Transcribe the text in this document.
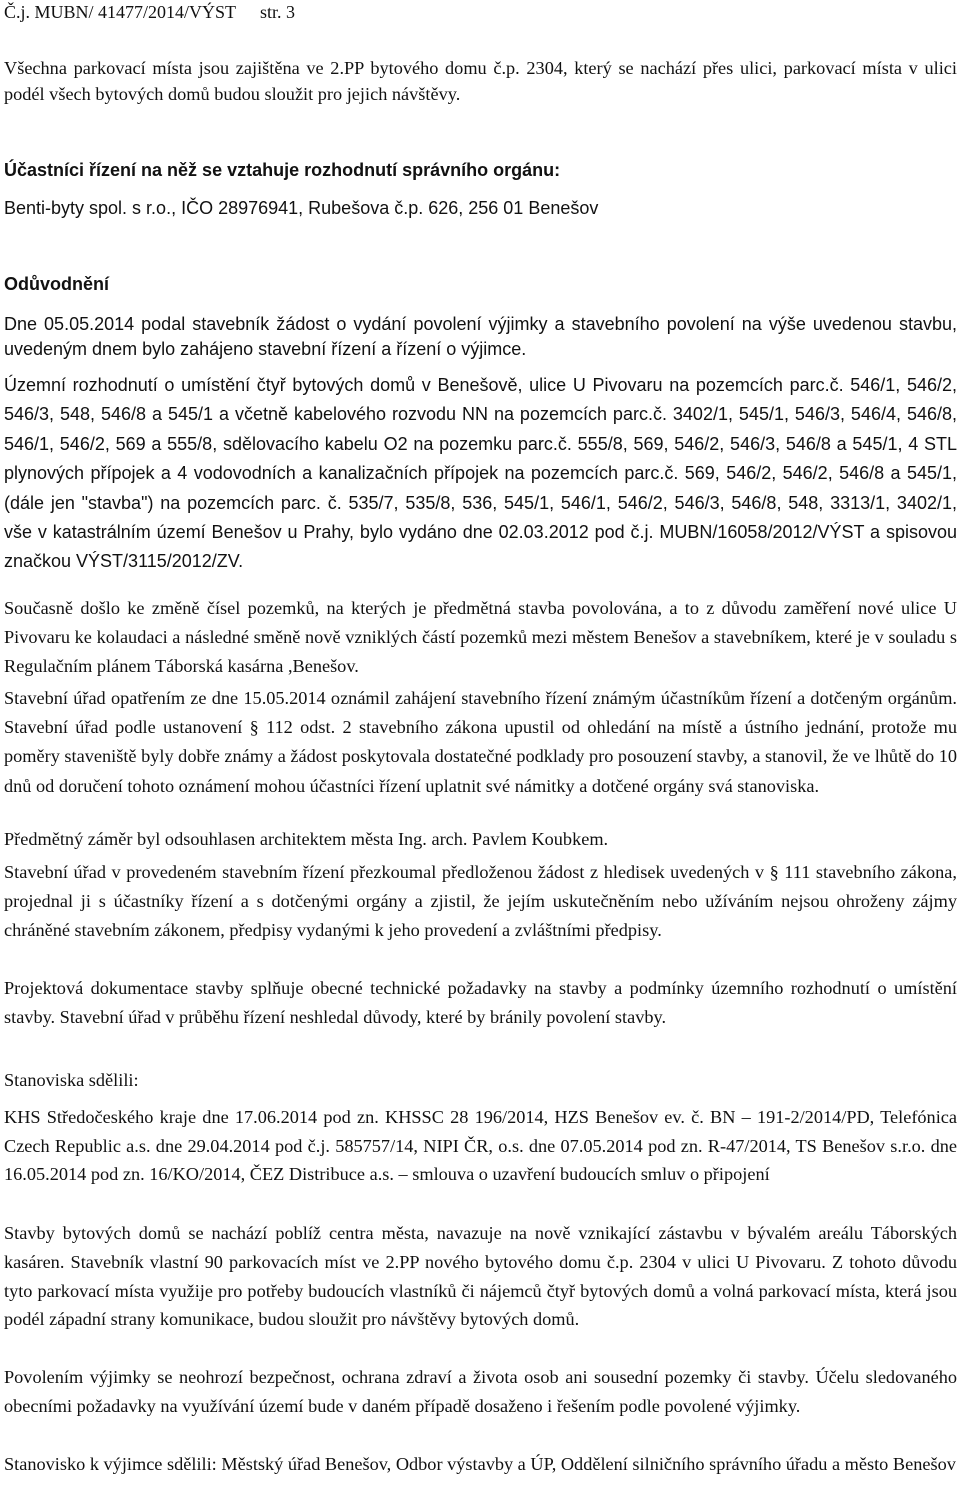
Č.j. MUBN/ 41477/2014/VÝST str. 3

Všechna parkovací místa jsou zajištěna ve 2.PP bytového domu č.p. 2304, který se nachází přes ulici, parkovací místa v ulici podél všech bytových domů budou sloužit pro jejich návštěvy.

Účastníci řízení na něž se vztahuje rozhodnutí správního orgánu:

Benti-byty spol. s r.o., IČO 28976941, Rubešova č.p. 626, 256 01 Benešov

Odůvodnění

Dne 05.05.2014 podal stavebník žádost o vydání povolení výjimky a stavebního povolení na výše uvedenou stavbu, uvedeným dnem bylo zahájeno stavební řízení a řízení o výjimce.

Územní rozhodnutí o umístění čtyř bytových domů v Benešově, ulice U Pivovaru na pozemcích parc.č. 546/1, 546/2, 546/3, 548, 546/8 a 545/1 a včetně kabelového rozvodu NN na pozemcích parc.č. 3402/1, 545/1, 546/3, 546/4, 546/8, 546/1, 546/2, 569 a 555/8, sdělovacího kabelu O2 na pozemku parc.č. 555/8, 569, 546/2, 546/3, 546/8 a 545/1, 4 STL plynových přípojek a 4 vodovodních a kanalizačních přípojek na pozemcích parc.č. 569, 546/2, 546/2, 546/8 a 545/1, (dále jen "stavba") na pozemcích parc. č. 535/7, 535/8, 536, 545/1, 546/1, 546/2, 546/3, 546/8, 548, 3313/1, 3402/1, vše v katastrálním území Benešov u Prahy, bylo vydáno dne 02.03.2012 pod č.j. MUBN/16058/2012/VÝST a spisovou značkou VÝST/3115/2012/ZV.

Současně došlo ke změně čísel pozemků, na kterých je předmětná stavba povolována, a to z důvodu zaměření nové ulice U Pivovaru ke kolaudaci a následné směně nově vzniklých částí pozemků mezi městem Benešov a stavebníkem, které je v souladu s Regulačním plánem Táborská kasárna ,Benešov.

Stavební úřad opatřením ze dne 15.05.2014 oznámil zahájení stavebního řízení známým účastníkům řízení a dotčeným orgánům. Stavební úřad podle ustanovení § 112 odst. 2 stavebního zákona upustil od ohledání na místě a ústního jednání, protože mu poměry staveniště byly dobře známy a žádost poskytovala dostatečné podklady pro posouzení stavby, a stanovil, že ve lhůtě do 10 dnů od doručení tohoto oznámení mohou účastníci řízení uplatnit své námitky a dotčené orgány svá stanoviska.

Předmětný záměr byl odsouhlasen architektem města Ing. arch. Pavlem Koubkem.

Stavební úřad v provedeném stavebním řízení přezkoumal předloženou žádost z hledisek uvedených v § 111 stavebního zákona, projednal ji s účastníky řízení a s dotčenými orgány a zjistil, že jejím uskutečněním nebo užíváním nejsou ohroženy zájmy chráněné stavebním zákonem, předpisy vydanými k jeho provedení a zvláštními předpisy.

Projektová dokumentace stavby splňuje obecné technické požadavky na stavby a podmínky územního rozhodnutí o umístění stavby. Stavební úřad v průběhu řízení neshledal důvody, které by bránily povolení stavby.

Stanoviska sdělili:

KHS Středočeského kraje dne 17.06.2014 pod zn. KHSSC 28 196/2014, HZS Benešov ev. č. BN – 191-2/2014/PD, Telefónica Czech Republic a.s. dne 29.04.2014 pod č.j. 585757/14, NIPI ČR, o.s. dne 07.05.2014 pod zn. R-47/2014, TS Benešov s.r.o. dne 16.05.2014 pod zn. 16/KO/2014, ČEZ Distribuce a.s. – smlouva o uzavření budoucích smluv o připojení

Stavby bytových domů se nachází poblíž centra města, navazuje na nově vznikající zástavbu v bývalém areálu Táborských kasáren. Stavebník vlastní 90 parkovacích míst ve 2.PP nového bytového domu č.p. 2304 v ulici U Pivovaru. Z tohoto důvodu tyto parkovací místa využije pro potřeby budoucích vlastníků či nájemců čtyř bytových domů a volná parkovací místa, která jsou podél západní strany komunikace, budou sloužit pro návštěvy bytových domů.

Povolením výjimky se neohrozí bezpečnost, ochrana zdraví a života osob ani sousední pozemky či stavby. Účelu sledovaného obecními požadavky na využívání území bude v daném případě dosaženo i řešením podle povolené výjimky.

Stanovisko k výjimce sdělili: Městský úřad Benešov, Odbor výstavby a ÚP, Oddělení silničního správního úřadu a město Benešov
